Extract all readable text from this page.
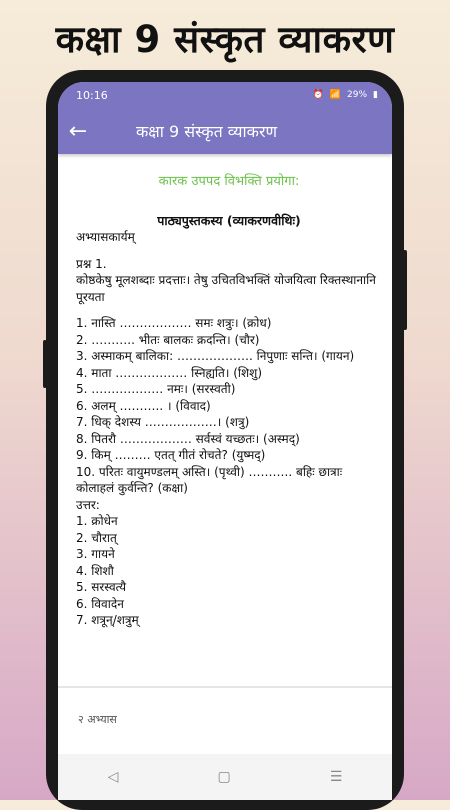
कक्षा 9 संस्कृत व्याकरण
10:16	⏰ 📶 29% ▮
←	कक्षा 9 संस्कृत व्याकरण
कारक उपपद विभक्ति प्रयोगा:
पाठ्यपुस्तकस्य (व्याकरणवीथिः)
अभ्यासकार्यम्
प्रश्न 1.
कोष्ठकेषु मूलशब्दाः प्रदत्ताः। तेषु उचितविभक्तिं योजयित्वा रिक्तस्थानानि पूरयता
1. नास्ति ……………… समः शत्रुः। (क्रोध)
2. ……….. भीतः बालकः क्रदन्ति। (चौर)
3. अस्माकम् बालिका: ………………. निपुणाः सन्ति। (गायन)
4. माता ……………… स्निह्यति। (शिशु)
5. ……………… नमः। (सरस्वती)
6. अलम् ……….. । (विवाद)
7. धिक् देशस्य ………………। (शत्रु)
8. पितरौ ……………… सर्वस्वं यच्छतः। (अस्मद्)
9. किम् ……… एतत् गीतं रोचते? (युष्मद्)
10. परितः वायुमण्डलम् अस्ति। (पृथ्वी) ……….. बहिः छात्राः कोलाहलं कुर्वन्ति? (कक्षा)
उत्तर:
1. क्रोधेन
2. चौरात्
3. गायने
4. शिशौ
5. सरस्वत्यै
6. विवादेन
7. शत्रून्/शत्रुम्
२ अभ्यास
◁	▢	☰
